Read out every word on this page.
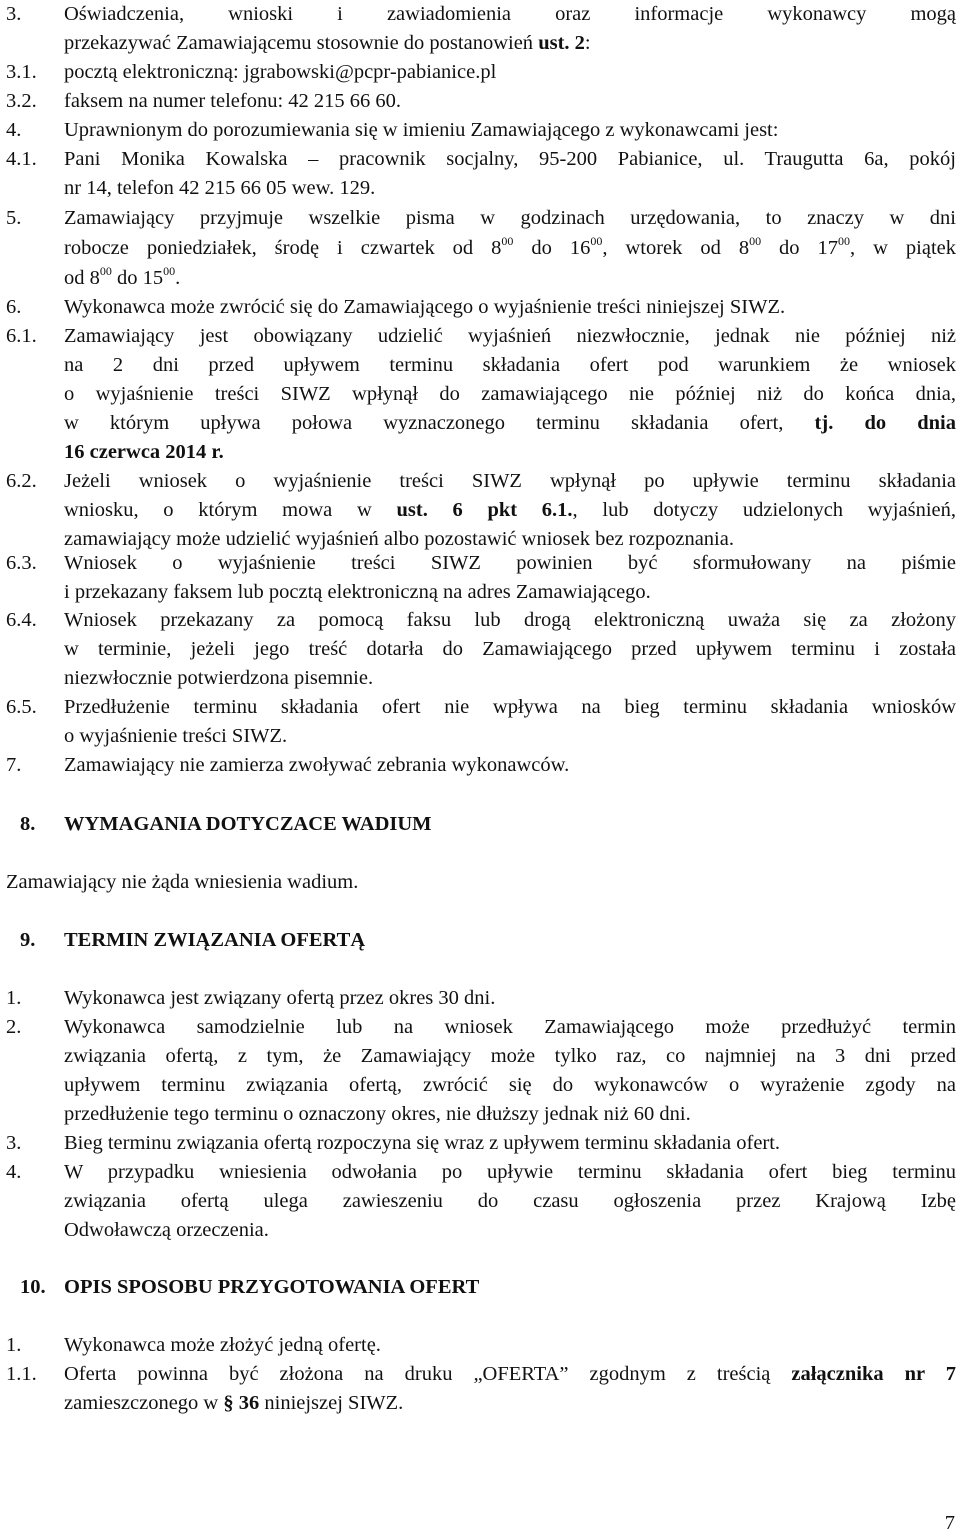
3. Oświadczenia, wnioski i zawiadomienia oraz informacje wykonawcy mogą
przekazywać Zamawiającemu stosownie do postanowień ust. 2:
3.1. pocztą elektroniczną: jgrabowski@pcpr-pabianice.pl
3.2. faksem na numer telefonu: 42 215 66 60.
4. Uprawnionym do porozumiewania się w imieniu Zamawiającego z wykonawcami jest:
4.1. Pani Monika Kowalska – pracownik socjalny, 95-200 Pabianice, ul. Traugutta 6a, pokój
nr 14, telefon 42 215 66 05 wew. 129.
5. Zamawiający przyjmuje wszelkie pisma w godzinach urzędowania, to znaczy w dni
robocze poniedziałek, środę i czwartek od $8^{00}$ do $16^{00}$, wtorek od $8^{00}$ do $17^{00}$, w piątek
od $8^{00}$ do $15^{00}$.
6. Wykonawca może zwrócić się do Zamawiającego o wyjaśnienie treści niniejszej SIWZ.
6.1. Zamawiający jest obowiązany udzielić wyjaśnień niezwłocznie, jednak nie później niż
na 2 dni przed upływem terminu składania ofert pod warunkiem że wniosek
o wyjaśnienie treści SIWZ wpłynął do zamawiającego nie później niż do końca dnia,
w którym upływa połowa wyznaczonego terminu składania ofert, tj. do dnia
16 czerwca 2014 r.
6.2. Jeżeli wniosek o wyjaśnienie treści SIWZ wpłynął po upływie terminu składania
wniosku, o którym mowa w ust. 6 pkt 6.1., lub dotyczy udzielonych wyjaśnień,
zamawiający może udzielić wyjaśnień albo pozostawić wniosek bez rozpoznania.
6.3. Wniosek o wyjaśnienie treści SIWZ powinien być sformułowany na piśmie
i przekazany faksem lub pocztą elektroniczną na adres Zamawiającego.
6.4. Wniosek przekazany za pomocą faksu lub drogą elektroniczną uważa się za złożony
w terminie, jeżeli jego treść dotarła do Zamawiającego przed upływem terminu i została
niezwłocznie potwierdzona pisemnie.
6.5. Przedłużenie terminu składania ofert nie wpływa na bieg terminu składania wniosków
o wyjaśnienie treści SIWZ.
7. Zamawiający nie zamierza zwoływać zebrania wykonawców.
8. WYMAGANIA DOTYCZACE WADIUM
Zamawiający nie żąda wniesienia wadium.
9. TERMIN ZWIĄZANIA OFERTĄ
1. Wykonawca jest związany ofertą przez okres 30 dni.
2. Wykonawca samodzielnie lub na wniosek Zamawiającego może przedłużyć termin
związania ofertą, z tym, że Zamawiający może tylko raz, co najmniej na 3 dni przed
upływem terminu związania ofertą, zwrócić się do wykonawców o wyrażenie zgody na
przedłużenie tego terminu o oznaczony okres, nie dłuższy jednak niż 60 dni.
3. Bieg terminu związania ofertą rozpoczyna się wraz z upływem terminu składania ofert.
4. W przypadku wniesienia odwołania po upływie terminu składania ofert bieg terminu
związania ofertą ulega zawieszeniu do czasu ogłoszenia przez Krajową Izbę
Odwoławczą orzeczenia.
10. OPIS SPOSOBU PRZYGOTOWANIA OFERT
1. Wykonawca może złożyć jedną ofertę.
1.1. Oferta powinna być złożona na druku „OFERTA” zgodnym z treścią załącznika nr 7
zamieszczonego w § 36 niniejszej SIWZ.
7
